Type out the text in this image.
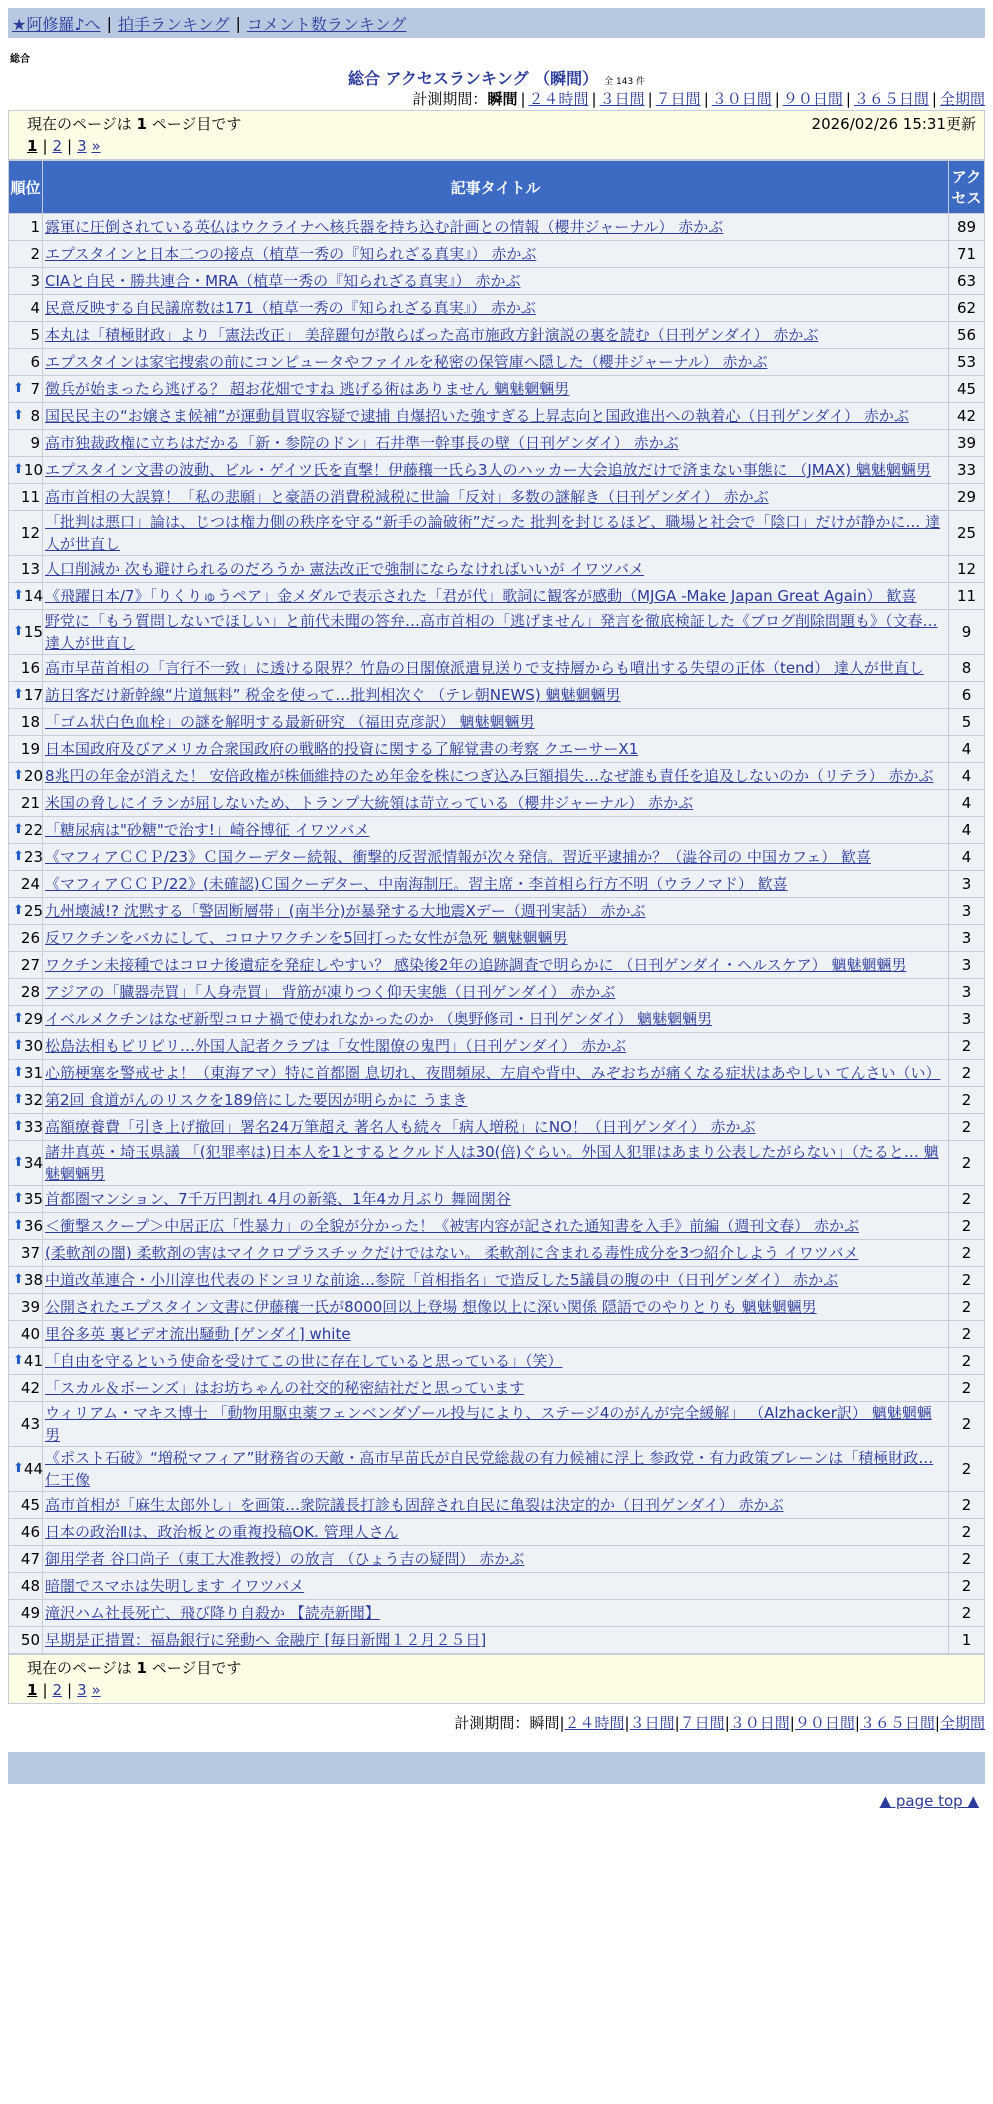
★阿修羅♪へ | 拍手ランキング | コメント数ランキング
総合
総合 アクセスランキング （瞬間） 全 143 件
計測期間：瞬間 | ２４時間 | ３日間 | ７日間 | ３０日間 | ９０日間 | ３６５日間 | 全期間
現在のページは 1 ページ目です	2026/02/26 15:31更新
1 | 2 | 3 »
順位	記事タイトル	アクセス
1	露軍に圧倒されている英仏はウクライナへ核兵器を持ち込む計画との情報（櫻井ジャーナル） 赤かぶ	89
2	エプスタインと日本二つの接点（植草一秀の『知られざる真実』） 赤かぶ	71
3	CIAと自民・勝共連合・MRA（植草一秀の『知られざる真実』） 赤かぶ	63
4	民意反映する自民議席数は171（植草一秀の『知られざる真実』） 赤かぶ	62
5	本丸は「積極財政」より「憲法改正」 美辞麗句が散らばった高市施政方針演説の裏を読む（日刊ゲンダイ） 赤かぶ	56
6	エプスタインは家宅捜索の前にコンピュータやファイルを秘密の保管庫へ隠した（櫻井ジャーナル） 赤かぶ	53

⬆ 7	徴兵が始まったら逃げる？ 超お花畑ですね 逃げる術はありません 魑魅魍魎男	45

⬆ 8	国民民主の“お嬢さま候補”が運動員買収容疑で逮捕 自爆招いた強すぎる上昇志向と国政進出への執着心（日刊ゲンダイ） 赤かぶ	42
9	高市独裁政権に立ちはだかる「新・参院のドン」石井準一幹事長の壁（日刊ゲンダイ） 赤かぶ	39

⬆ 10	エプスタイン文書の波動、ビル・ゲイツ氏を直撃！伊藤穰一氏ら3人のハッカー大会追放だけで済まない事態に （JMAX) 魑魅魍魎男	33
11	高市首相の大誤算！「私の悲願」と豪語の消費税減税に世論「反対」多数の謎解き（日刊ゲンダイ） 赤かぶ	29
12	「批判は悪口」論は、じつは権力側の秩序を守る“新手の論破術”だった 批判を封じるほど、職場と社会で「陰口」だけが静かに… 達人が世直し	25
13	人口削減か 次も避けられるのだろうか 憲法改正で強制にならなければいいが イワツバメ	12

⬆ 14	《飛躍日本/7》「りくりゅうペア」金メダルで表示された「君が代」歌詞に観客が感動（MJGA -Make Japan Great Again） 歓喜	11

⬆ 15	野党に「もう質問しないでほしい」と前代未聞の答弁…高市首相の「逃げません」発言を徹底検証した《ブログ削除問題も》（文春… 達人が世直し	9
16	高市早苗首相の「言行不一致」に透ける限界？竹島の日閣僚派遣見送りで支持層からも噴出する失望の正体（tend） 達人が世直し	8

⬆ 17	訪日客だけ新幹線“片道無料” 税金を使って…批判相次ぐ （テレ朝NEWS) 魑魅魍魎男	6
18	「ゴム状白色血栓」の謎を解明する最新研究 （福田克彦訳） 魑魅魍魎男	5
19	日本国政府及びアメリカ合衆国政府の戦略的投資に関する了解覚書の考察 クエーサーX1	4

⬆ 20	8兆円の年金が消えた！ 安倍政権が株価維持のため年金を株につぎ込み巨額損失…なぜ誰も責任を追及しないのか（リテラ） 赤かぶ	4
21	米国の脅しにイランが屈しないため、トランプ大統領は苛立っている（櫻井ジャーナル） 赤かぶ	4

⬆ 22	「糖尿病は"砂糖"で治す!」崎谷博征 イワツバメ	4

⬆ 23	《マフィアＣＣＰ/23》Ｃ国クーデター続報、衝撃的反習派情報が次々発信。習近平逮捕か？（澁谷司の 中国カフェ） 歓喜	4
24	《マフィアＣＣＰ/22》(未確認)Ｃ国クーデター、中南海制圧。習主席・李首相ら行方不明（ウラノマド） 歓喜	3

⬆ 25	九州壊滅!? 沈黙する「警固断層帯」(南半分)が暴発する大地震Xデー（週刊実話） 赤かぶ	3
26	反ワクチンをバカにして、コロナワクチンを5回打った女性が急死 魑魅魍魎男	3
27	ワクチン未接種ではコロナ後遺症を発症しやすい？ 感染後2年の追跡調査で明らかに （日刊ゲンダイ・ヘルスケア） 魑魅魍魎男	3
28	アジアの「臓器売買」「人身売買」 背筋が凍りつく仰天実態（日刊ゲンダイ） 赤かぶ	3

⬆ 29	イベルメクチンはなぜ新型コロナ禍で使われなかったのか （奥野修司・日刊ゲンダイ） 魑魅魍魎男	3

⬆ 30	松島法相もピリピリ…外国人記者クラブは「女性閣僚の鬼門」（日刊ゲンダイ） 赤かぶ	2

⬆ 31	心筋梗塞を警戒せよ！（東海アマ）特に首都圏 息切れ、夜間頻尿、左肩や背中、みぞおちが痛くなる症状はあやしい てんさい（い）	2

⬆ 32	第2回 食道がんのリスクを189倍にした要因が明らかに うまき	2

⬆ 33	高額療養費「引き上げ撤回」署名24万筆超え 著名人も続々「病人増税」にNO！（日刊ゲンダイ） 赤かぶ	2

⬆ 34	諸井真英・埼玉県議 「(犯罪率は)日本人を1とするとクルド人は30(倍)ぐらい。外国人犯罪はあまり公表したがらない」（たると… 魑魅魍魎男	2

⬆ 35	首都圏マンション、7千万円割れ 4月の新築、1年4カ月ぶり 舞岡関谷	2

⬆ 36	＜衝撃スクープ＞中居正広「性暴力」の全貌が分かった！《被害内容が記された通知書を入手》前編（週刊文春） 赤かぶ	2
37	(柔軟剤の闇) 柔軟剤の害はマイクロプラスチックだけではない。 柔軟剤に含まれる毒性成分を3つ紹介しよう イワツバメ	2

⬆ 38	中道改革連合・小川淳也代表のドンヨリな前途…参院「首相指名」で造反した5議員の腹の中（日刊ゲンダイ） 赤かぶ	2
39	公開されたエプスタイン文書に伊藤穰一氏が8000回以上登場 想像以上に深い関係 隠語でのやりとりも 魑魅魍魎男	2
40	里谷多英 裏ビデオ流出騒動 [ゲンダイ] white	2

⬆ 41	「自由を守るという使命を受けてこの世に存在していると思っている」（笑）	2
42	「スカル＆ボーンズ」はお坊ちゃんの社交的秘密結社だと思っています	2
43	ウィリアム・マキス博士 「動物用駆虫薬フェンベンダゾール投与により、ステージ4のがんが完全緩解」 （Alzhacker訳） 魑魅魍魎男	2

⬆ 44	《ポスト石破》“増税マフィア”財務省の天敵・高市早苗氏が自民党総裁の有力候補に浮上 参政党・有力政策ブレーンは「積極財政… 仁王像	2
45	高市首相が「麻生太郎外し」を画策…衆院議長打診も固辞され自民に亀裂は決定的か（日刊ゲンダイ） 赤かぶ	2
46	日本の政治Ⅱは、政治板との重複投稿OK. 管理人さん	2
47	御用学者 谷口尚子（東工大准教授）の放言 （ひょう吉の疑問） 赤かぶ	2
48	暗闇でスマホは失明します イワツバメ	2
49	滝沢ハム社長死亡、飛び降り自殺か 【読売新聞】	2
50	早期是正措置：福島銀行に発動へ 金融庁 [毎日新聞１２月２５日]	1
現在のページは 1 ページ目です
1 | 2 | 3 »
計測期間：瞬間|２４時間|３日間|７日間|３０日間|９０日間|３６５日間|全期間
▲ page top ▲
